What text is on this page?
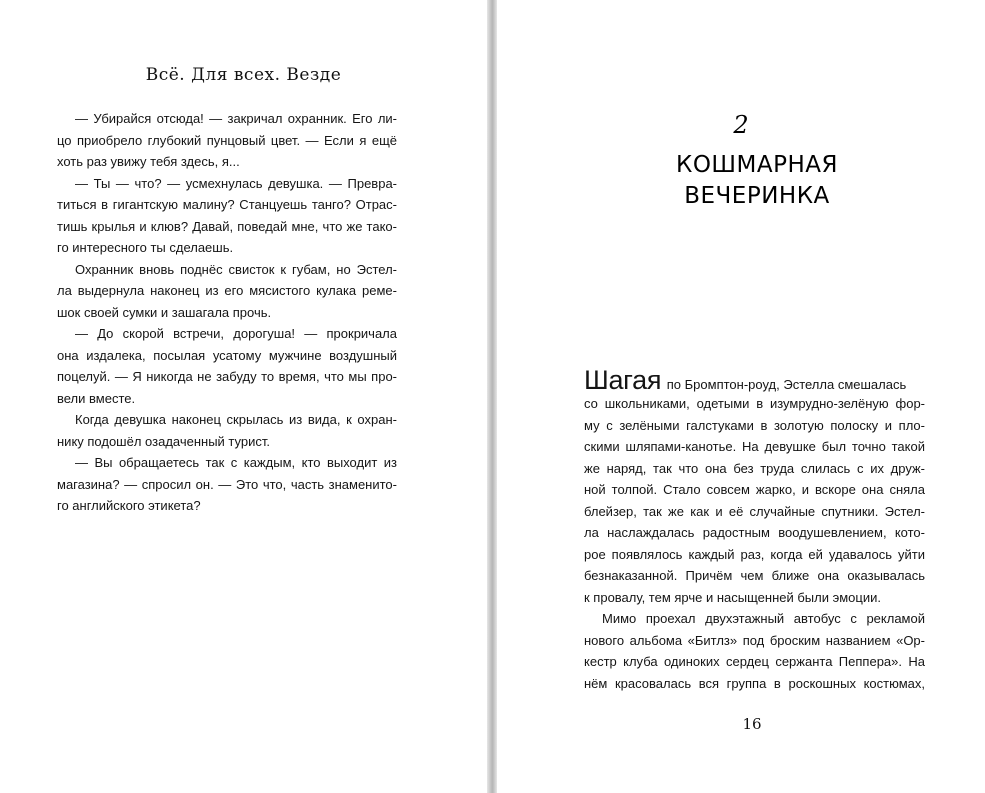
Всё. Для всех. Везде
— Убирайся отсюда! — закричал охранник. Его ли-
цо приобрело глубокий пунцовый цвет. — Если я ещё
хоть раз увижу тебя здесь, я...
— Ты — что? — усмехнулась девушка. — Превра-
титься в гигантскую малину? Станцуешь танго? Отрас-
тишь крылья и клюв? Давай, поведай мне, что же тако-
го интересного ты сделаешь.
Охранник вновь поднёс свисток к губам, но Эстел-
ла выдернула наконец из его мясистого кулака реме-
шок своей сумки и зашагала прочь.
— До скорой встречи, дорогуша! — прокричала
она издалека, посылая усатому мужчине воздушный
поцелуй. — Я никогда не забуду то время, что мы про-
вели вместе.
Когда девушка наконец скрылась из вида, к охран-
нику подошёл озадаченный турист.
— Вы обращаетесь так с каждым, кто выходит из
магазина? — спросил он. — Это что, часть знаменито-
го английского этикета?
2
КОШМАРНАЯ
ВЕЧЕРИНКА
Шагая по Бромптон-роуд, Эстелла смешалась
со школьниками, одетыми в изумрудно-зелёную фор-
му с зелёными галстуками в золотую полоску и пло-
скими шляпами-канотье. На девушке был точно такой
же наряд, так что она без труда слилась с их друж-
ной толпой. Стало совсем жарко, и вскоре она сняла
блейзер, так же как и её случайные спутники. Эстел-
ла наслаждалась радостным воодушевлением, кото-
рое появлялось каждый раз, когда ей удавалось уйти
безнаказанной. Причём чем ближе она оказывалась
к провалу, тем ярче и насыщенней были эмоции.
Мимо проехал двухэтажный автобус с рекламой
нового альбома «Битлз» под броским названием «Ор-
кестр клуба одиноких сердец сержанта Пеппера». На
нём красовалась вся группа в роскошных костюмах,
16
